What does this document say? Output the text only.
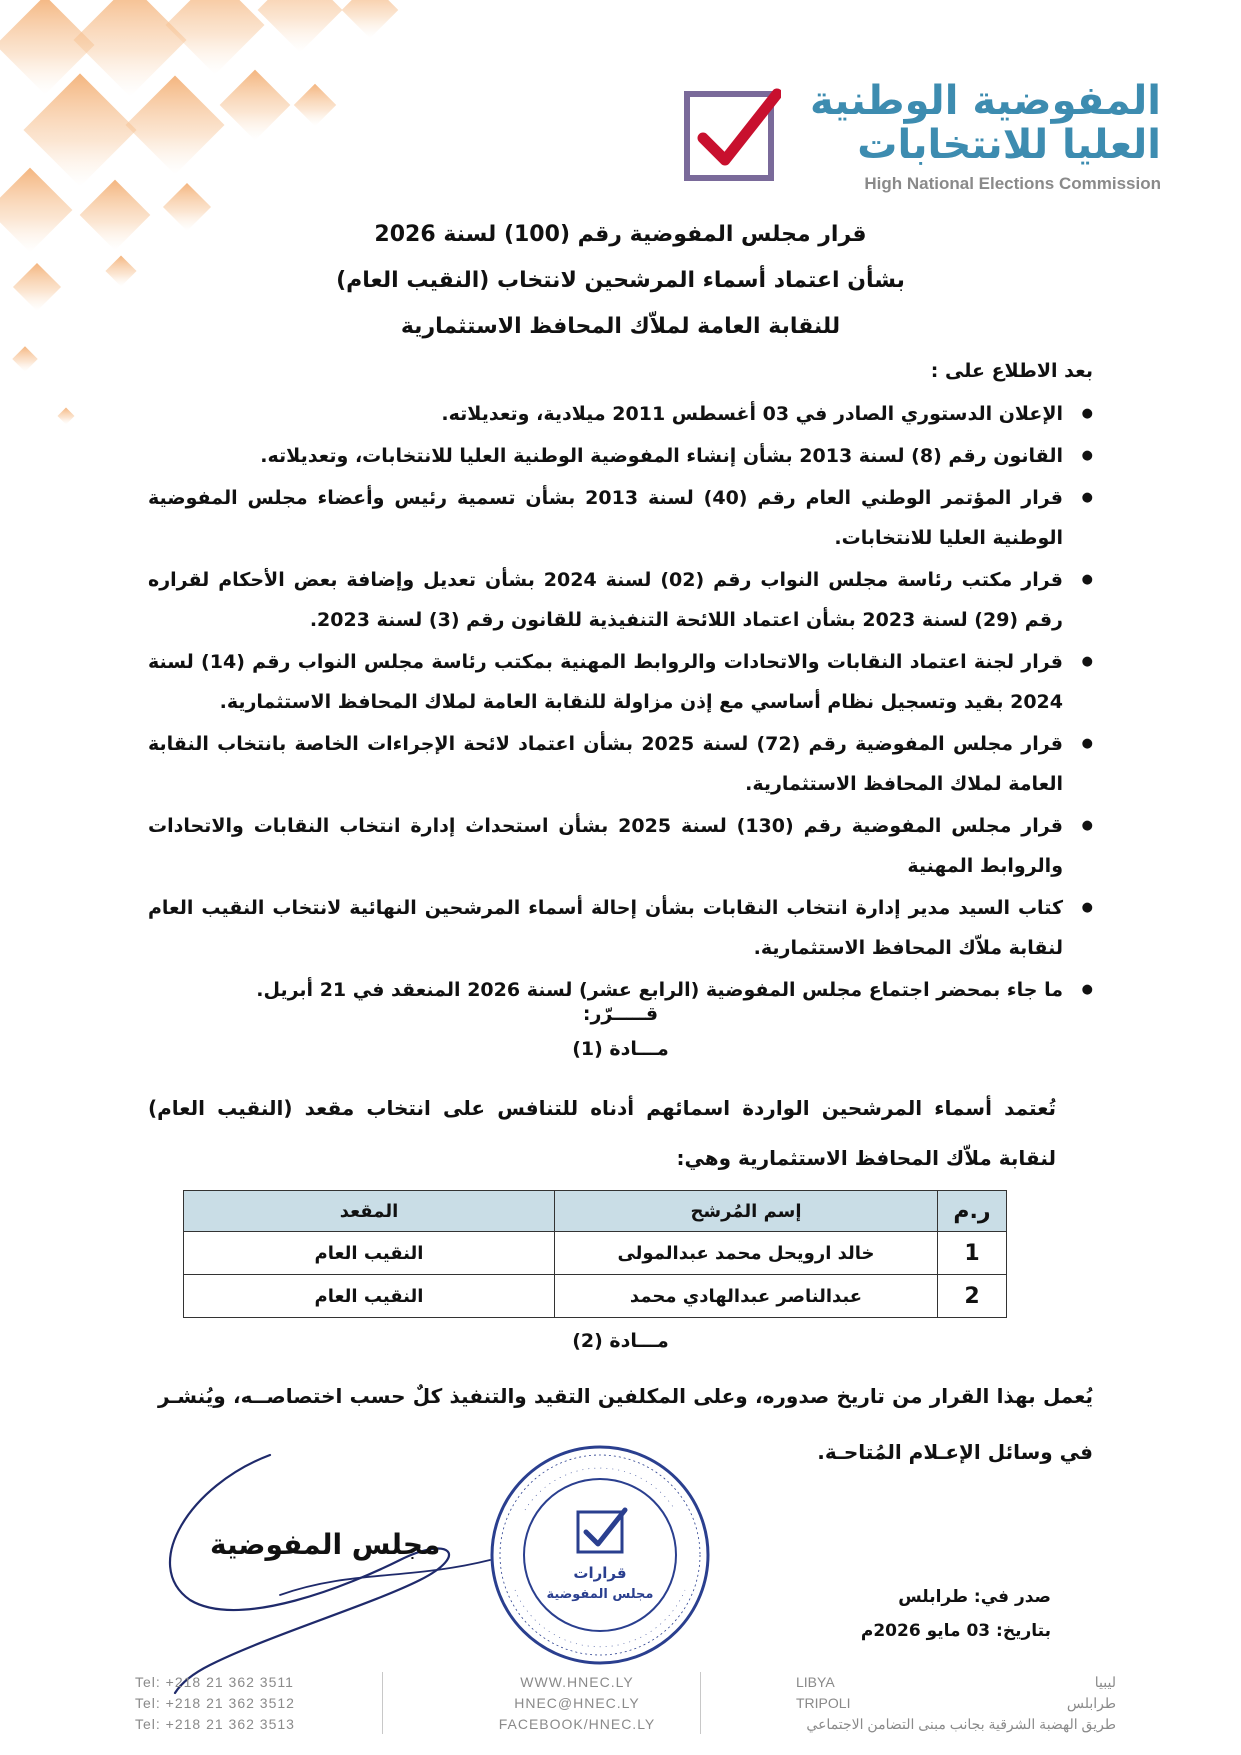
المفوضية الوطنية
العليا للانتخابات
High National Elections Commission
قرار مجلس المفوضية رقم (100) لسنة 2026
بشأن اعتماد أسماء المرشحين لانتخاب (النقيب العام)
للنقابة العامة لملاّك المحافظ الاستثمارية
بعد الاطلاع على :
● الإعلان الدستوري الصادر في 03 أغسطس 2011 ميلادية، وتعديلاته.
● القانون رقم (8) لسنة 2013 بشأن إنشاء المفوضية الوطنية العليا للانتخابات، وتعديلاته.
● قرار المؤتمر الوطني العام رقم (40) لسنة 2013 بشأن تسمية رئيس وأعضاء مجلس المفوضية الوطنية العليا للانتخابات.
● قرار مكتب رئاسة مجلس النواب رقم (02) لسنة 2024 بشأن تعديل وإضافة بعض الأحكام لقراره رقم (29) لسنة 2023 بشأن اعتماد اللائحة التنفيذية للقانون رقم (3) لسنة 2023.
● قرار لجنة اعتماد النقابات والاتحادات والروابط المهنية بمكتب رئاسة مجلس النواب رقم (14) لسنة 2024 بقيد وتسجيل نظام أساسي مع إذن مزاولة للنقابة العامة لملاك المحافظ الاستثمارية.
● قرار مجلس المفوضية رقم (72) لسنة 2025 بشأن اعتماد لائحة الإجراءات الخاصة بانتخاب النقابة العامة لملاك المحافظ الاستثمارية.
● قرار مجلس المفوضية رقم (130) لسنة 2025 بشأن استحداث إدارة انتخاب النقابات والاتحادات والروابط المهنية
● كتاب السيد مدير إدارة انتخاب النقابات بشأن إحالة أسماء المرشحين النهائية لانتخاب النقيب العام لنقابة ملاّك المحافظ الاستثمارية.
● ما جاء بمحضر اجتماع مجلس المفوضية (الرابع عشر) لسنة 2026 المنعقد في 21 أبريل.
قـــــرّر:
مـــادة (1)
تُعتمد أسماء المرشحين الواردة اسمائهم أدناه للتنافس على انتخاب مقعد (النقيب العام) لنقابة ملاّك المحافظ الاستثمارية وهي:
ر.م	إسم المُرشح	المقعد
1	خالد ارويحل محمد عبدالمولى	النقيب العام
2	عبدالناصر عبدالهادي محمد	النقيب العام
مـــادة (2)
يُعمل بهذا القرار من تاريخ صدوره، وعلى المكلفين التقيد والتنفيذ كلٌ حسب اختصاصــه، ويُنشـر في وسائل الإعـلام المُتاحـة.
مجلس المفوضية
قرارات
مجلس المفوضية	صدر في: طرابلس
بتاريخ: 03 مايو 2026م
Tel: +218 21 362 3511
Tel: +218 21 362 3512
Tel: +218 21 362 3513
WWW.HNEC.LY
HNEC@HNEC.LY
FACEBOOK/HNEC.LY
LIBYA	ليبيا
TRIPOLI	طرابلس
طريق الهضبة الشرقية بجانب مبنى التضامن الاجتماعي
